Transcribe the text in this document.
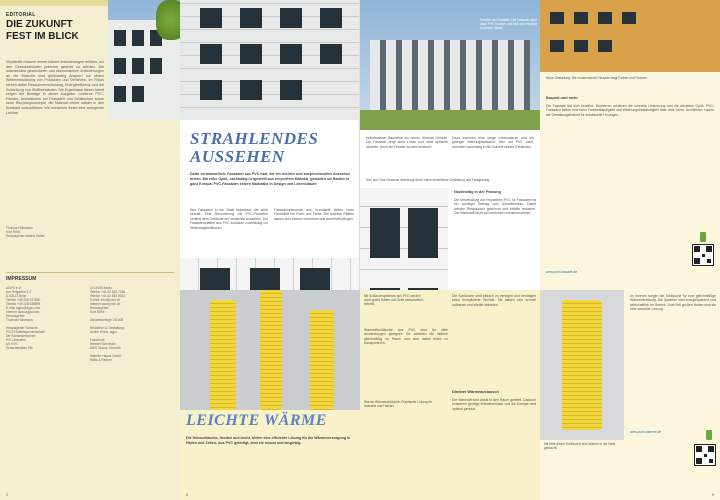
EDITORIAL
DIE ZUKUNFT
FEST IM BLICK
Vinylstoffe müssen immer höhere Anforderungen erfüllen, um den Gesetzeshürden jederzeit gerecht zu werden. Die wachsenden gesetzlichen und ökonomischen Anforderungen an die Branche sind gleichzeitig Ansporn zur steten Weiterentwicklung von Produkten und Verfahren. Im Fokus stehen dabei Ressourcenschonung, Energieeffizienz und die Schließung von Stoffkreisläufen. Die Ergebnisse dieser Arbeit zeigen die Beiträge in dieser Ausgabe: moderne PVC-Fenster, Innovationen bei Fassaden und Schläuchen sowie neue Recyclingkonzepte, die Material immer wieder in den Kreislauf zurückführen. Wir wünschen Ihnen eine anregende Lektüre.
Thomas Hülsmann
Kurt Röhrl
Herausgeber Marina Gallet
IMPRESSUM
AGPU e.V.
Am Hofgarten 1-2
D-53113 Bonn
Telefon +49 228 917830
Telefax +49 228 538895
E-Mail agpu@agpu.com
Internet www.agpu.com
Herausgeber:
Thomas Hülsmann

Herausgeber Schweiz:
PVCH Arbeitsgemeinschaft
der Schweizerischen
PVC-Industrie
c/o KVS
Schachenallee 29c
CH-5000 Aarau
Telefon +41 62 832 7060
Telefax +41 62 834 0061
E-Mail: info@pvch.ch
Internet www.pvch.ch
Herausgeber:
Kurt Röhrl

Gesamtauflage: 26.000

Redaktion & Gestaltung:
Achim Höbel, agpu

Fotodruck:
Herbert Schneider
6000 Glarus, Neuroth

Wilhelm Hauck GmbH
Willis & Partner
2
STRAHLENDES AUSSEHEN
Dafür verantwortlich: Fassaden aus PVC-hart, die ein leichtes und anspruchsvolles Aussehen bieten. Mit edler Optik, nachhaltig hergestellt aus recyceltem Material, gestalten sie Bauten in ganz Europa. PVC-Fassaden setzen Maßstäbe in Design und Lebensdauer.
Wer Fassaden in der Stadt betrachtet, der sieht überall: Eine Renovierung mit PVC-Paneelen verleiht dem Gebäude ein modernes Aussehen. Die Fassadenplatten aus PVC schützen zuverlässig vor Witterungseinflüssen.
Fassadenelemente aus Kunststoff bieten hohe Flexibilität bei Form und Farbe. Die leichten Platten lassen sich einfach montieren und dauerhaft pflegen.
Fenster und Paneele: Die Fassade wirkt dank PVC modern und hell und erstrahlt in neuem Glanz.
beibehaltener Bauweise ein neues, frisches Gesicht. Die Fassade zeigt klare Linien und setzt optische Akzente. Auch die Fenster wurden erneuert.
Dazu kommen eine lange Lebensdauer und ein geringer Wartungsaufwand: Wer auf PVC setzt, investiert nachhaltig in die Zukunft seines Gebäudes.
Hier aus: Das Gebäude überzeugt durch seine einheitliche Gestaltung und Farbgebung.
Nachhaltig in der Planung
Die Verwendung von recyceltem PVC für Fassaden ist ein wichtiger Beitrag zum Umweltschutz. Damit werden Ressourcen geschont und Abfälle reduziert. Der Werkstoff lässt sich mehrfach wiederverwerten.
Neue Gestaltung: Die modernisierte Fassade zeigt Farben und Formen.
Bauzeit und mehr
Die Fassade hat sich bewährt: Bauherren schätzen die schnelle Umsetzung und die attraktive Optik. PVC-Fassaden bieten eine hohe Farbbeständigkeit und Witterungsbeständigkeit über viele Jahre. Architekten nutzen die Gestaltungsfreiheit für individuelle Lösungen.
www.pvch-fassade.de
Mit Schlauchsystemen aus PVC werden auch große Hallen und Zelte wirtschaftlich beheizt.
LEICHTE WÄRME
Die Heizschläuche, flexibel und leicht, bieten eine effiziente Lösung für die Wärmeversorgung in Hallen und Zelten. Aus PVC gefertigt, sind sie robust und langlebig.
Warmluftschläuche aus PVC sind für viele Anwendungen geeignet: Sie verteilen die Wärme gleichmäßig im Raum und sind dabei leicht zu transportieren.
Die Schläuche sind einfach zu verlegen und benötigen keine komplizierte Technik. Sie lassen sich schnell aufbauen und wieder abbauen.
Direkter Wärmeaustausch
Die Warmluft wird direkt in den Raum geleitet. Dadurch entstehen geringe Wärmeverluste und die Energie wird optimal genutzt.
Warme Wärmeschläuche: Praktische Lösung für Industrie und Handel.
8
Mit Hilfe dieser Schläuche wird Wärme in die Halle gebracht.
Im Inneren sorgen die Schläuche für eine gleichmäßige Wärmeverteilung. Die Systeme sind energiesparend und wirtschaftlich im Betrieb. Auch bei großen Hallen sind sie eine sinnvolle Lösung.
www.pvch-waerme.de
9
